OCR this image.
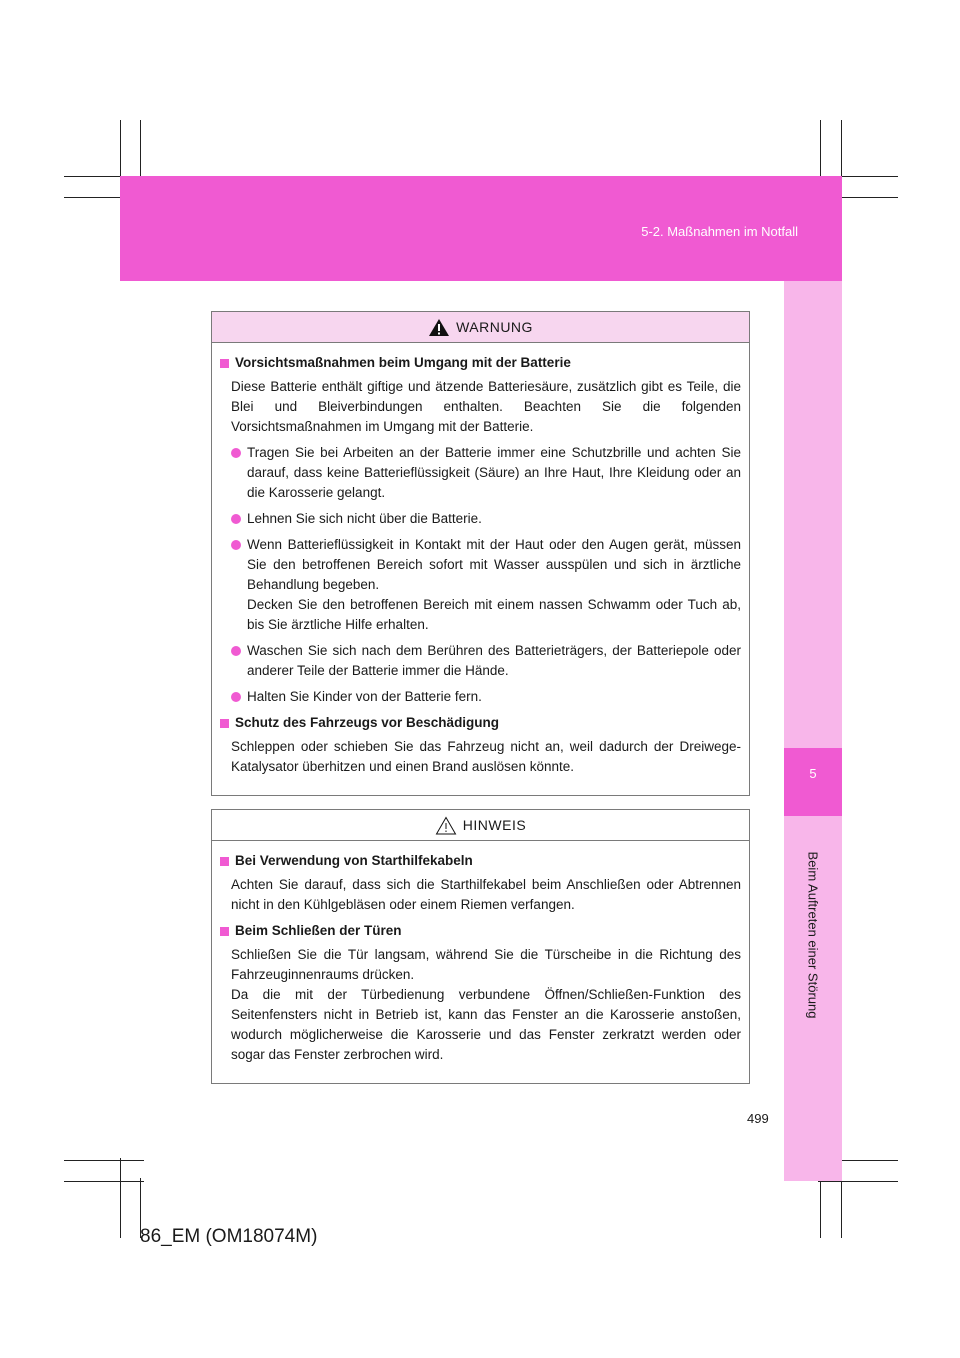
5-2. Maßnahmen im Notfall
5
Beim Auftreten einer Störung
WARNUNG
Vorsichtsmaßnahmen beim Umgang mit der Batterie
Diese Batterie enthält giftige und ätzende Batteriesäure, zusätzlich gibt es Teile, die Blei und Bleiverbindungen enthalten. Beachten Sie die folgenden Vorsichtsmaßnahmen im Umgang mit der Batterie.
Tragen Sie bei Arbeiten an der Batterie immer eine Schutzbrille und achten Sie darauf, dass keine Batterieflüssigkeit (Säure) an Ihre Haut, Ihre Kleidung oder an die Karosserie gelangt.
Lehnen Sie sich nicht über die Batterie.
Wenn Batterieflüssigkeit in Kontakt mit der Haut oder den Augen gerät, müssen Sie den betroffenen Bereich sofort mit Wasser ausspülen und sich in ärztliche Behandlung begeben.
Decken Sie den betroffenen Bereich mit einem nassen Schwamm oder Tuch ab, bis Sie ärztliche Hilfe erhalten.
Waschen Sie sich nach dem Berühren des Batterieträgers, der Batteriepole oder anderer Teile der Batterie immer die Hände.
Halten Sie Kinder von der Batterie fern.
Schutz des Fahrzeugs vor Beschädigung
Schleppen oder schieben Sie das Fahrzeug nicht an, weil dadurch der Dreiwege-Katalysator überhitzen und einen Brand auslösen könnte.
HINWEIS
Bei Verwendung von Starthilfekabeln
Achten Sie darauf, dass sich die Starthilfekabel beim Anschließen oder Abtrennen nicht in den Kühlgebläsen oder einem Riemen verfangen.
Beim Schließen der Türen
Schließen Sie die Tür langsam, während Sie die Türscheibe in die Richtung des Fahrzeuginnenraums drücken.
Da die mit der Türbedienung verbundene Öffnen/Schließen-Funktion des Seitenfensters nicht in Betrieb ist, kann das Fenster an die Karosserie anstoßen, wodurch möglicherweise die Karosserie und das Fenster zerkratzt werden oder sogar das Fenster zerbrochen wird.
499
86_EM (OM18074M)
